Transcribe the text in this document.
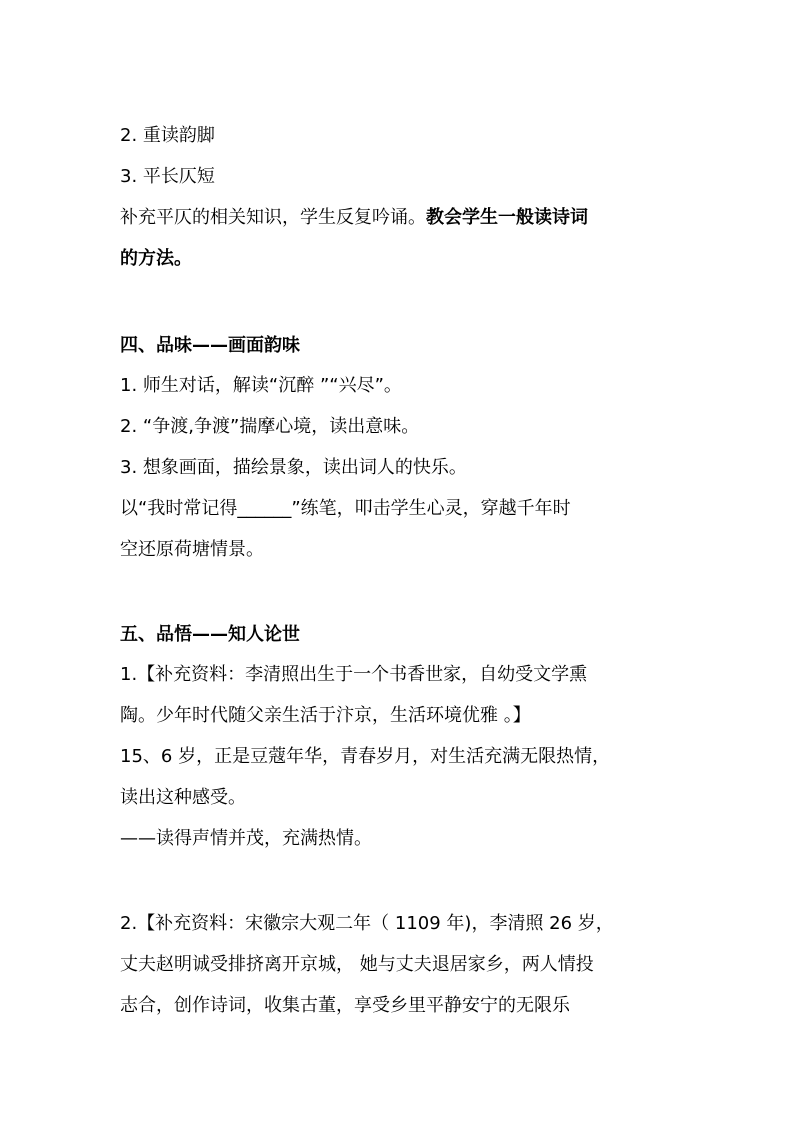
2. 重读韵脚

3. 平长仄短

补充平仄的相关知识，学生反复吟诵。教会学生一般读诗词

的方法。

四、品味——画面韵味

1. 师生对话，解读“沉醉 ”“兴尽”。

2. “争渡,争渡”揣摩心境，读出意味。

3. 想象画面，描绘景象，读出词人的快乐。

以“我时常记得______”练笔，叩击学生心灵，穿越千年时

空还原荷塘情景。

五、品悟——知人论世

1.【补充资料：李清照出生于一个书香世家，自幼受文学熏

陶。少年时代随父亲生活于汴京，生活环境优雅 。】

15、6 岁，正是豆蔻年华，青春岁月，对生活充满无限热情，

读出这种感受。

——读得声情并茂，充满热情。

2.【补充资料：宋徽宗大观二年（ 1109 年)，李清照 26 岁，

丈夫赵明诚受排挤离开京城， 她与丈夫退居家乡，两人情投

志合，创作诗词，收集古董，享受乡里平静安宁的无限乐
